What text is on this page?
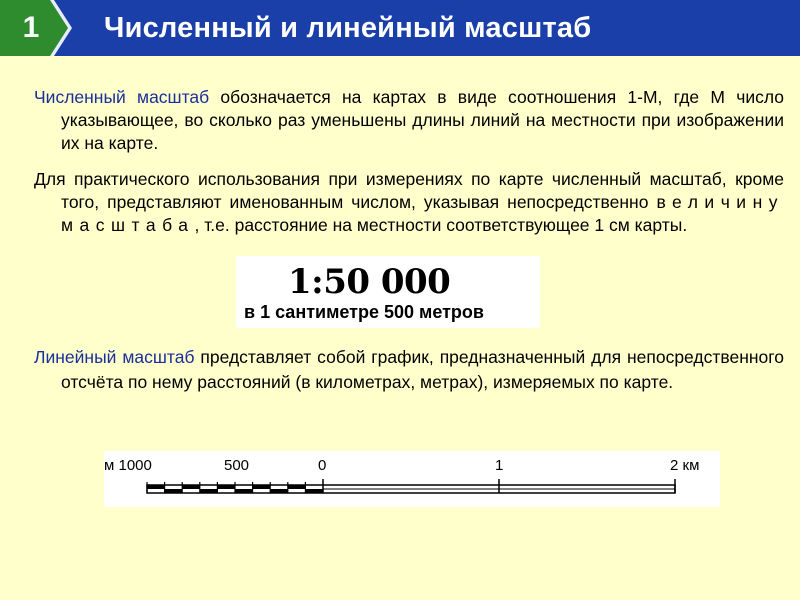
1	Численный и линейный масштаб
Численный масштаб обозначается на картах в виде соотношения 1-М, где М число указывающее, во сколько раз уменьшены длины линий на местности при изображении их на карте.
Для практического использования при измерениях по карте численный масштаб, кроме того, представляют именованным числом, указывая непосредственно величину масштаба, т.е. расстояние на местности соответствующее 1 см карты.
1:50 000
в 1 сантиметре 500 метров
Линейный масштаб представляет собой график, предназначенный для непосредственного отсчёта по нему расстояний (в километрах, метрах), измеряемых по карте.
м 1000	500	0	1	2 км
